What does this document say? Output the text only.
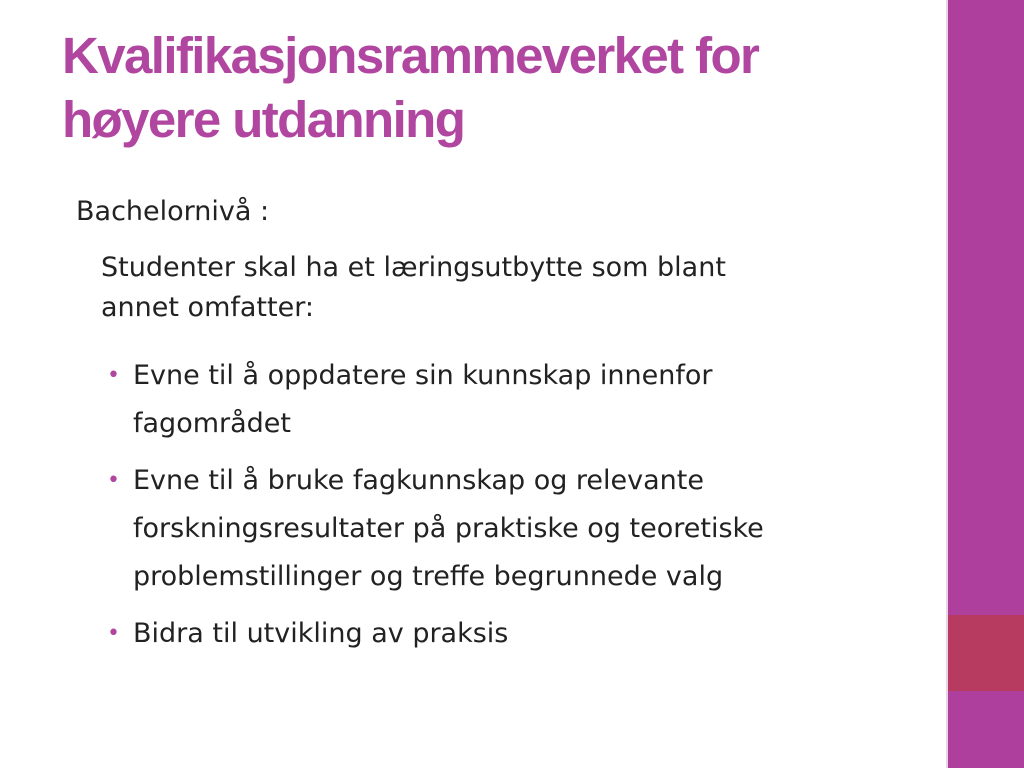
Kvalifikasjonsrammeverket for
høyere utdanning
Bachelornivå :
Studenter skal ha et læringsutbytte som blant
annet omfatter:
• Evne til å oppdatere sin kunnskap innenfor
fagområdet
• Evne til å bruke fagkunnskap og relevante
forskningsresultater på praktiske og teoretiske
problemstillinger og treffe begrunnede valg
• Bidra til utvikling av praksis
